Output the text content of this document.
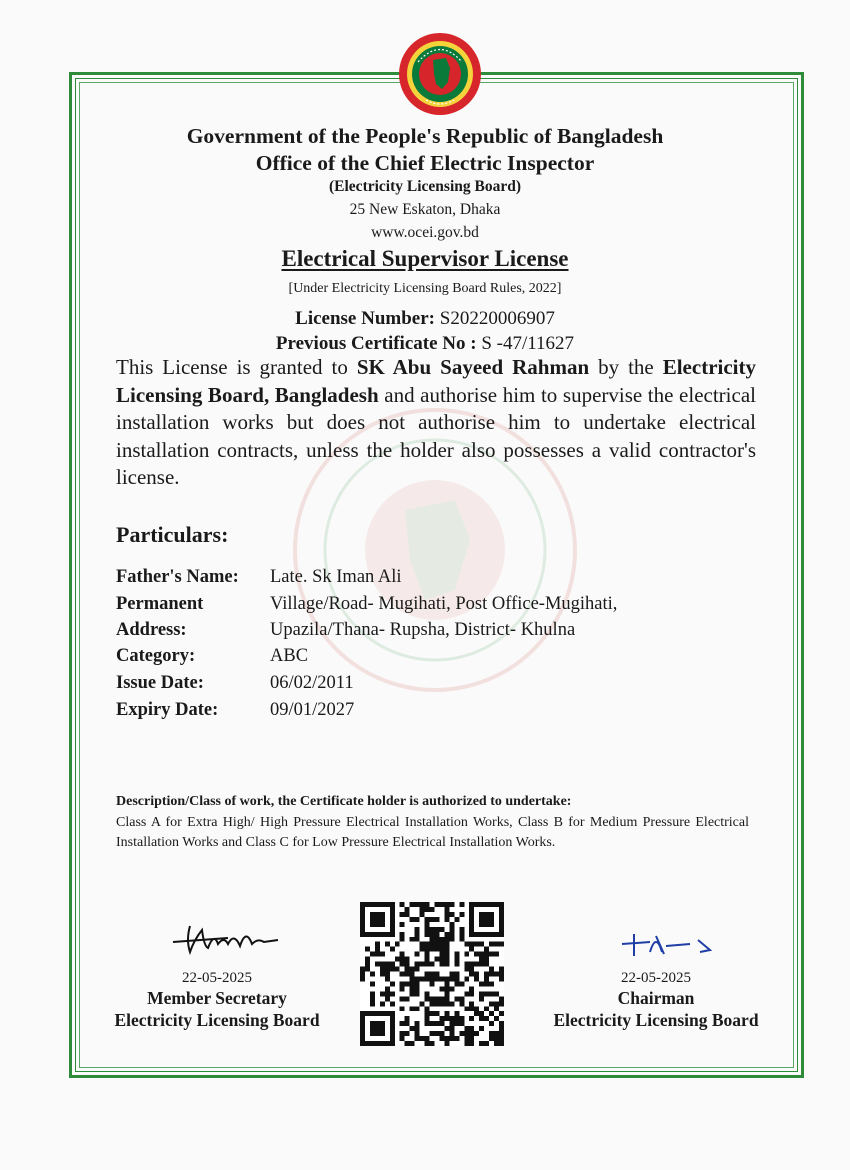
Government of the People's Republic of Bangladesh
Office of the Chief Electric Inspector
(Electricity Licensing Board)
25 New Eskaton, Dhaka
www.ocei.gov.bd
Electrical Supervisor License
[Under Electricity Licensing Board Rules, 2022]
License Number: S20220006907
Previous Certificate No : S -47/11627
This License is granted to SK Abu Sayeed Rahman by the Electricity Licensing Board, Bangladesh and authorise him to supervise the electrical installation works but does not authorise him to undertake electrical installation contracts, unless the holder also possesses a valid contractor's license.
Particulars:
Father's Name: Late. Sk Iman Ali
Permanent	Village/Road- Mugihati, Post Office-Mugihati,
Address:	Upazila/Thana- Rupsha, District- Khulna
Category:	ABC
Issue Date:	06/02/2011
Expiry Date:	09/01/2027
Description/Class of work, the Certificate holder is authorized to undertake:
Class A for Extra High/ High Pressure Electrical Installation Works, Class B for Medium Pressure Electrical Installation Works and Class C for Low Pressure Electrical Installation Works.
22-05-2025
Member Secretary
Electricity Licensing Board
22-05-2025
Chairman
Electricity Licensing Board
